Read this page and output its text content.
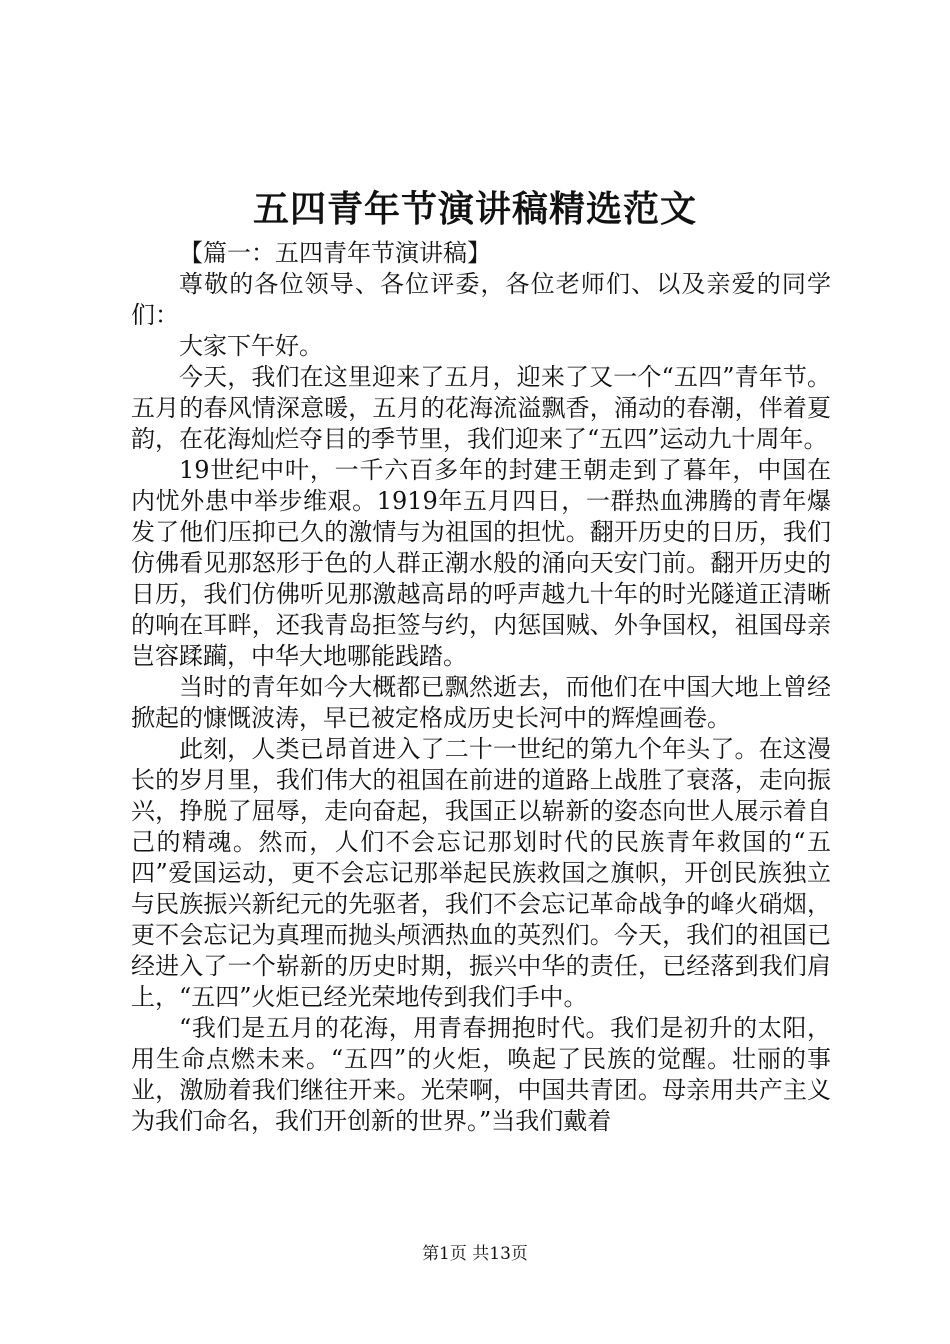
五四青年节演讲稿精选范文

【篇一：五四青年节演讲稿】

尊敬的各位领导、各位评委，各位老师们、以及亲爱的同学们：

大家下午好。

今天，我们在这里迎来了五月，迎来了又一个“五四”青年节。五月的春风情深意暖，五月的花海流溢飘香，涌动的春潮，伴着夏韵，在花海灿烂夺目的季节里，我们迎来了“五四”运动九十周年。

19世纪中叶，一千六百多年的封建王朝走到了暮年，中国在内忧外患中举步维艰。1919年五月四日，一群热血沸腾的青年爆发了他们压抑已久的激情与为祖国的担忧。翻开历史的日历，我们仿佛看见那怒形于色的人群正潮水般的涌向天安门前。翻开历史的日历，我们仿佛听见那激越高昂的呼声越九十年的时光隧道正清晰的响在耳畔，还我青岛拒签与约，内惩国贼、外争国权，祖国母亲岂容蹂躏，中华大地哪能践踏。

当时的青年如今大概都已飘然逝去，而他们在中国大地上曾经掀起的慷慨波涛，早已被定格成历史长河中的辉煌画卷。

此刻，人类已昂首进入了二十一世纪的第九个年头了。在这漫长的岁月里，我们伟大的祖国在前进的道路上战胜了衰落，走向振兴，挣脱了屈辱，走向奋起，我国正以崭新的姿态向世人展示着自己的精魂。然而，人们不会忘记那划时代的民族青年救国的“五四”爱国运动，更不会忘记那举起民族救国之旗帜，开创民族独立与民族振兴新纪元的先驱者，我们不会忘记革命战争的峰火硝烟，更不会忘记为真理而抛头颅洒热血的英烈们。今天，我们的祖国已经进入了一个崭新的历史时期，振兴中华的责任，已经落到我们肩上，“五四”火炬已经光荣地传到我们手中。

“我们是五月的花海，用青春拥抱时代。我们是初升的太阳，用生命点燃未来。“五四”的火炬，唤起了民族的觉醒。壮丽的事业，激励着我们继往开来。光荣啊，中国共青团。母亲用共产主义为我们命名，我们开创新的世界。”当我们戴着

第1页 共13页
